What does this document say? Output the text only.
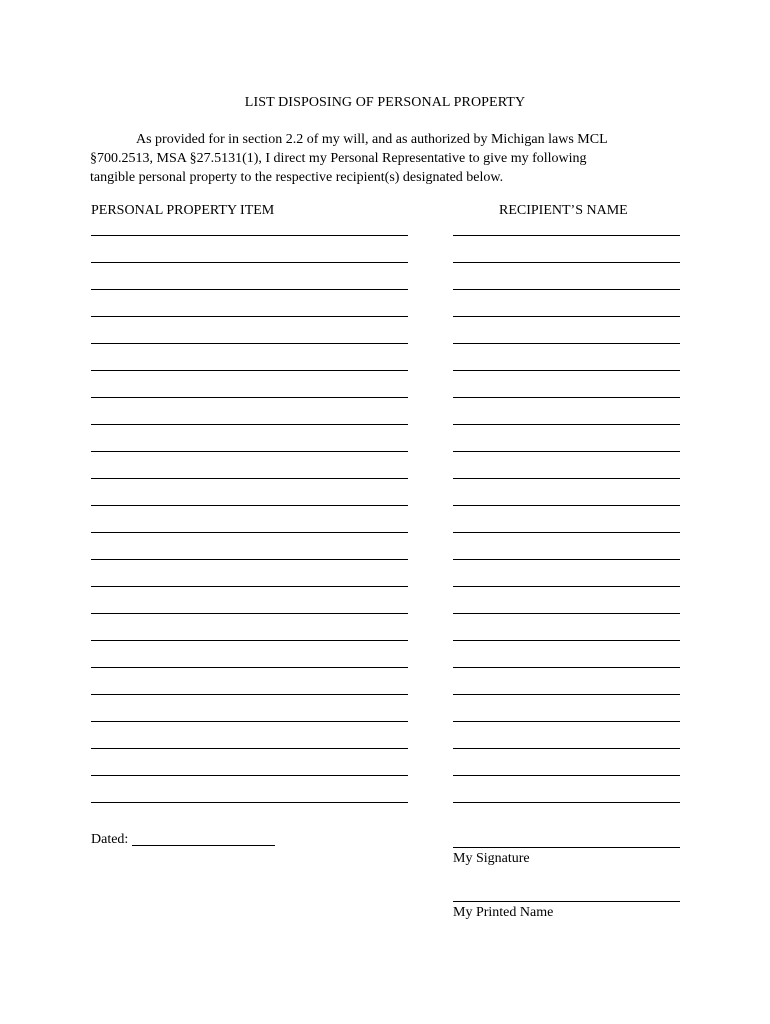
LIST DISPOSING OF PERSONAL PROPERTY
As provided for in section 2.2 of my will, and as authorized by Michigan laws MCL
§700.2513, MSA §27.5131(1), I direct my Personal Representative to give my following
tangible personal property to the respective recipient(s) designated below.
PERSONAL PROPERTY ITEM	RECIPIENT’S NAME
Dated:
My Signature
My Printed Name
